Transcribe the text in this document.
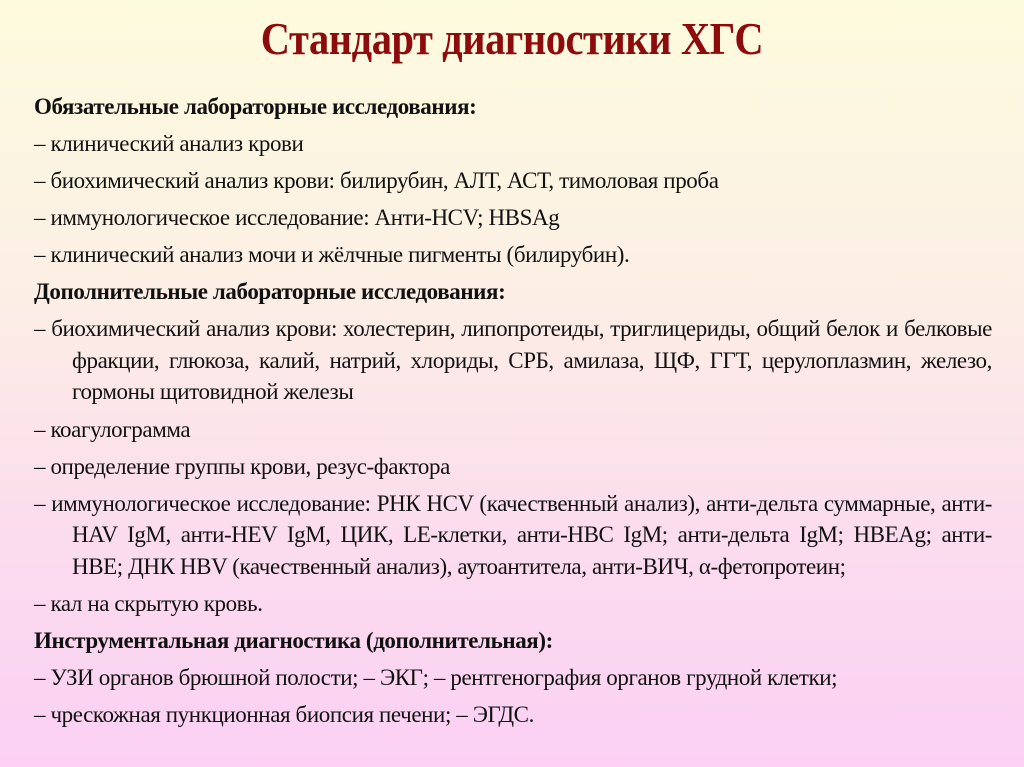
Стандарт диагностики ХГС
Обязательные лабораторные исследования:
– клинический анализ крови
– биохимический анализ крови: билирубин, АЛТ, АСТ, тимоловая проба
– иммунологическое исследование: Анти-HCV; HBSAg
– клинический анализ мочи и жёлчные пигменты (билирубин).
Дополнительные лабораторные исследования:
– биохимический анализ крови: холестерин, липопротеиды, триглицериды, общий белок и белковые фракции, глюкоза, калий, натрий, хлориды, СРБ, амилаза, ЩФ, ГГТ, церулоплазмин, железо, гормоны щитовидной железы
– коагулограмма
– определение группы крови, резус-фактора
– иммунологическое исследование: РНК HCV (качественный анализ), анти-дельта суммарные, анти-HAV IgM, анти-HEV IgM, ЦИК, LE-клетки, анти-HBC IgM; анти-дельта IgM; HBEAg; анти-HBE; ДНК HBV (качественный анализ), аутоантитела, анти-ВИЧ, α-фетопротеин;
– кал на скрытую кровь.
Инструментальная диагностика (дополнительная):
– УЗИ органов брюшной полости; – ЭКГ; – рентгенография органов грудной клетки;
– чрескожная пункционная биопсия печени; – ЭГДС.
